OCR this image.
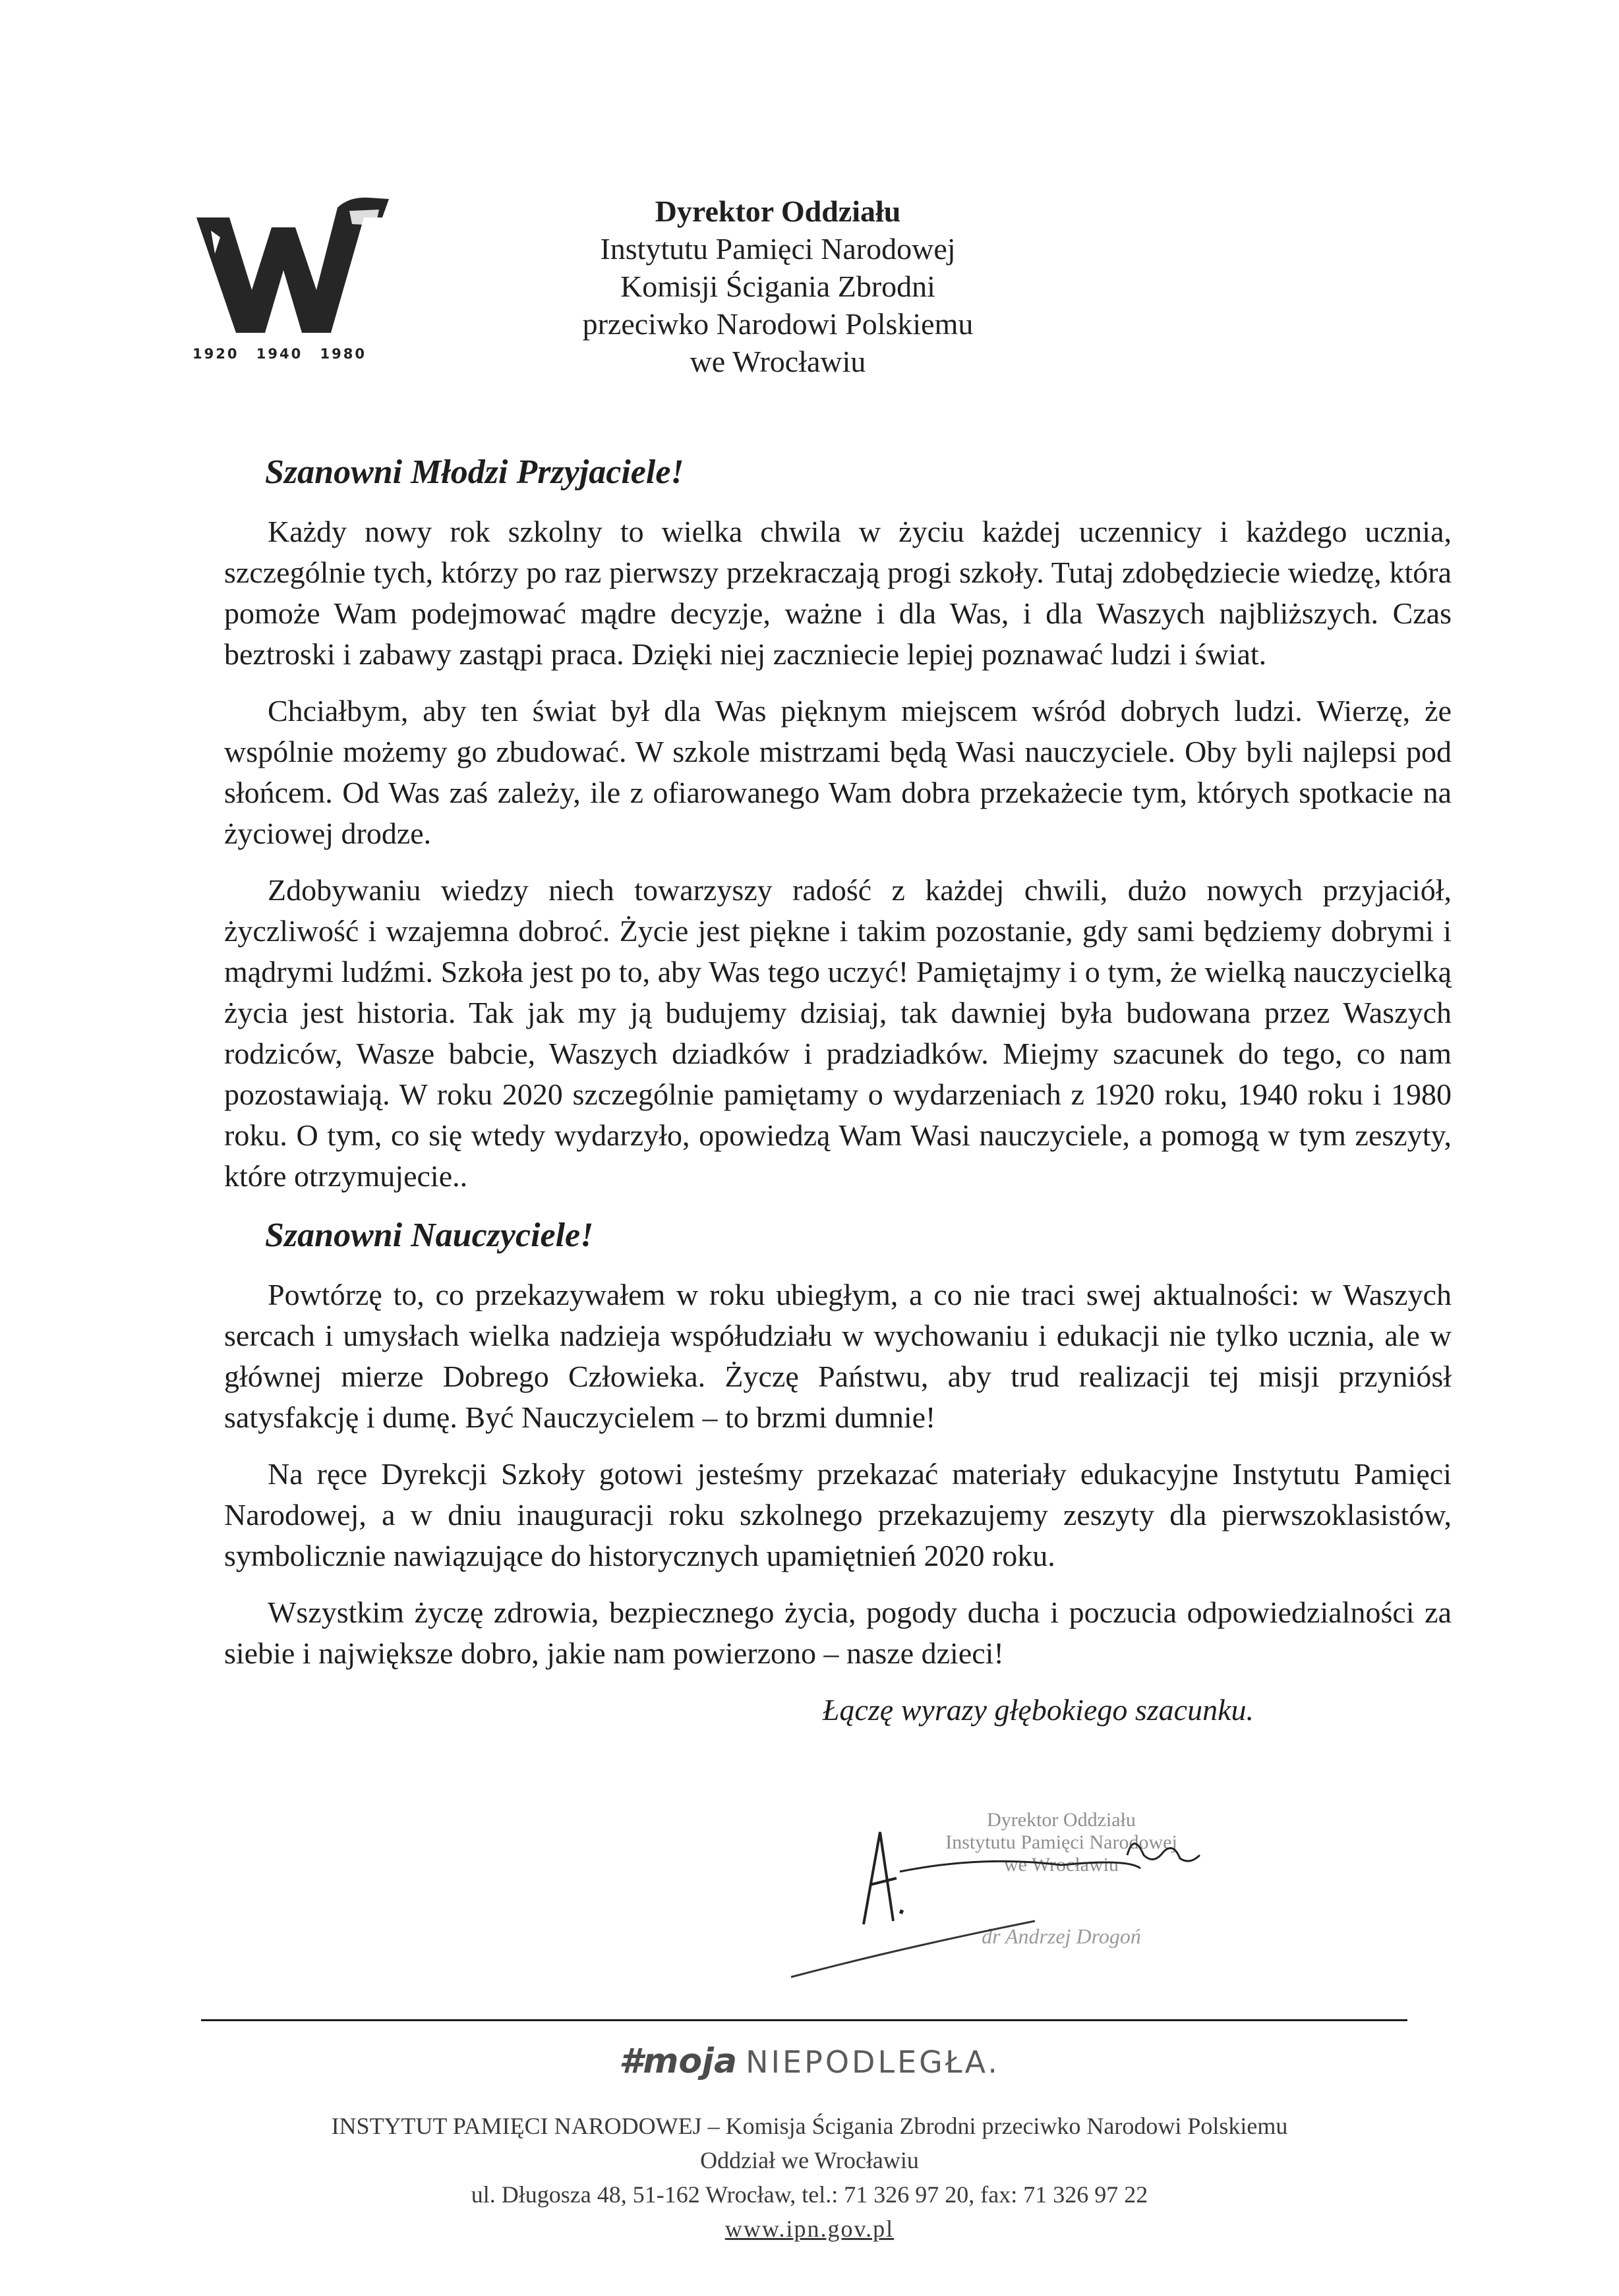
1920 1940 1980
Dyrektor Oddziału
Instytutu Pamięci Narodowej
Komisji Ścigania Zbrodni
przeciwko Narodowi Polskiemu
we Wrocławiu
Szanowni Młodzi Przyjaciele!

Każdy nowy rok szkolny to wielka chwila w życiu każdej uczennicy i każdego ucznia, szczególnie tych, którzy po raz pierwszy przekraczają progi szkoły. Tutaj zdobędziecie wiedzę, która pomoże Wam podejmować mądre decyzje, ważne i dla Was, i dla Waszych najbliższych. Czas beztroski i zabawy zastąpi praca. Dzięki niej zaczniecie lepiej poznawać ludzi i świat.

Chciałbym, aby ten świat był dla Was pięknym miejscem wśród dobrych ludzi. Wierzę, że wspólnie możemy go zbudować. W szkole mistrzami będą Wasi nauczyciele. Oby byli najlepsi pod słońcem. Od Was zaś zależy, ile z ofiarowanego Wam dobra przekażecie tym, których spotkacie na życiowej drodze.

Zdobywaniu wiedzy niech towarzyszy radość z każdej chwili, dużo nowych przyjaciół, życzliwość i wzajemna dobroć. Życie jest piękne i takim pozostanie, gdy sami będziemy dobrymi i mądrymi ludźmi. Szkoła jest po to, aby Was tego uczyć! Pamiętajmy i o tym, że wielką nauczycielką życia jest historia. Tak jak my ją budujemy dzisiaj, tak dawniej była budowana przez Waszych rodziców, Wasze babcie, Waszych dziadków i pradziadków. Miejmy szacunek do tego, co nam pozostawiają. W roku 2020 szczególnie pamiętamy o wydarzeniach z 1920 roku, 1940 roku i 1980 roku. O tym, co się wtedy wydarzyło, opowiedzą Wam Wasi nauczyciele, a pomogą w tym zeszyty, które otrzymujecie..

Szanowni Nauczyciele!

Powtórzę to, co przekazywałem w roku ubiegłym, a co nie traci swej aktualności: w Waszych sercach i umysłach wielka nadzieja współudziału w wychowaniu i edukacji nie tylko ucznia, ale w głównej mierze Dobrego Człowieka. Życzę Państwu, aby trud realizacji tej misji przyniósł satysfakcję i dumę. Być Nauczycielem – to brzmi dumnie!

Na ręce Dyrekcji Szkoły gotowi jesteśmy przekazać materiały edukacyjne Instytutu Pamięci Narodowej, a w dniu inauguracji roku szkolnego przekazujemy zeszyty dla pierwszoklasistów, symbolicznie nawiązujące do historycznych upamiętnień 2020 roku.

Wszystkim życzę zdrowia, bezpiecznego życia, pogody ducha i poczucia odpowiedzialności za siebie i największe dobro, jakie nam powierzono – nasze dzieci!

Łączę wyrazy głębokiego szacunku.
Dyrektor Oddziału
Instytutu Pamięci Narodowej
we Wrocławiu
dr Andrzej Drogoń
#moja NIEPODLEGŁA.
INSTYTUT PAMIĘCI NARODOWEJ – Komisja Ścigania Zbrodni przeciwko Narodowi Polskiemu
Oddział we Wrocławiu
ul. Długosza 48, 51-162 Wrocław, tel.: 71 326 97 20, fax: 71 326 97 22
www.ipn.gov.pl
